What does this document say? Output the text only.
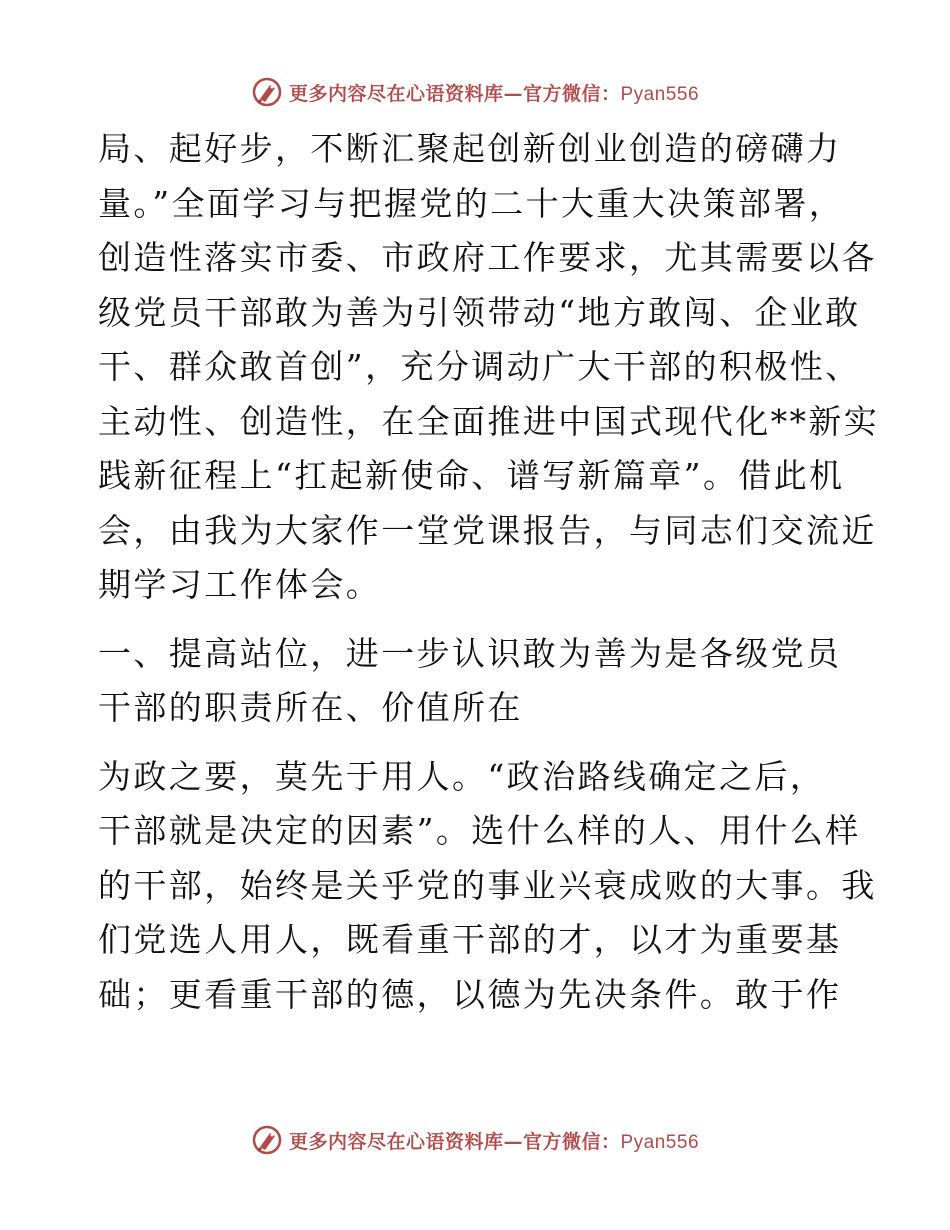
更多内容尽在心语资料库—官方微信：Pyan556

局、起好步，不断汇聚起创新创业创造的磅礴力
量。”全面学习与把握党的二十大重大决策部署，
创造性落实市委、市政府工作要求，尤其需要以各
级党员干部敢为善为引领带动“地方敢闯、企业敢
干、群众敢首创”，充分调动广大干部的积极性、
主动性、创造性，在全面推进中国式现代化**新实
践新征程上“扛起新使命、谱写新篇章”。借此机
会，由我为大家作一堂党课报告，与同志们交流近
期学习工作体会。

一、提高站位，进一步认识敢为善为是各级党员
干部的职责所在、价值所在

为政之要，莫先于用人。“政治路线确定之后，
干部就是决定的因素”。选什么样的人、用什么样
的干部，始终是关乎党的事业兴衰成败的大事。我
们党选人用人，既看重干部的才，以才为重要基
础；更看重干部的德，以德为先决条件。敢于作

更多内容尽在心语资料库—官方微信：Pyan556
